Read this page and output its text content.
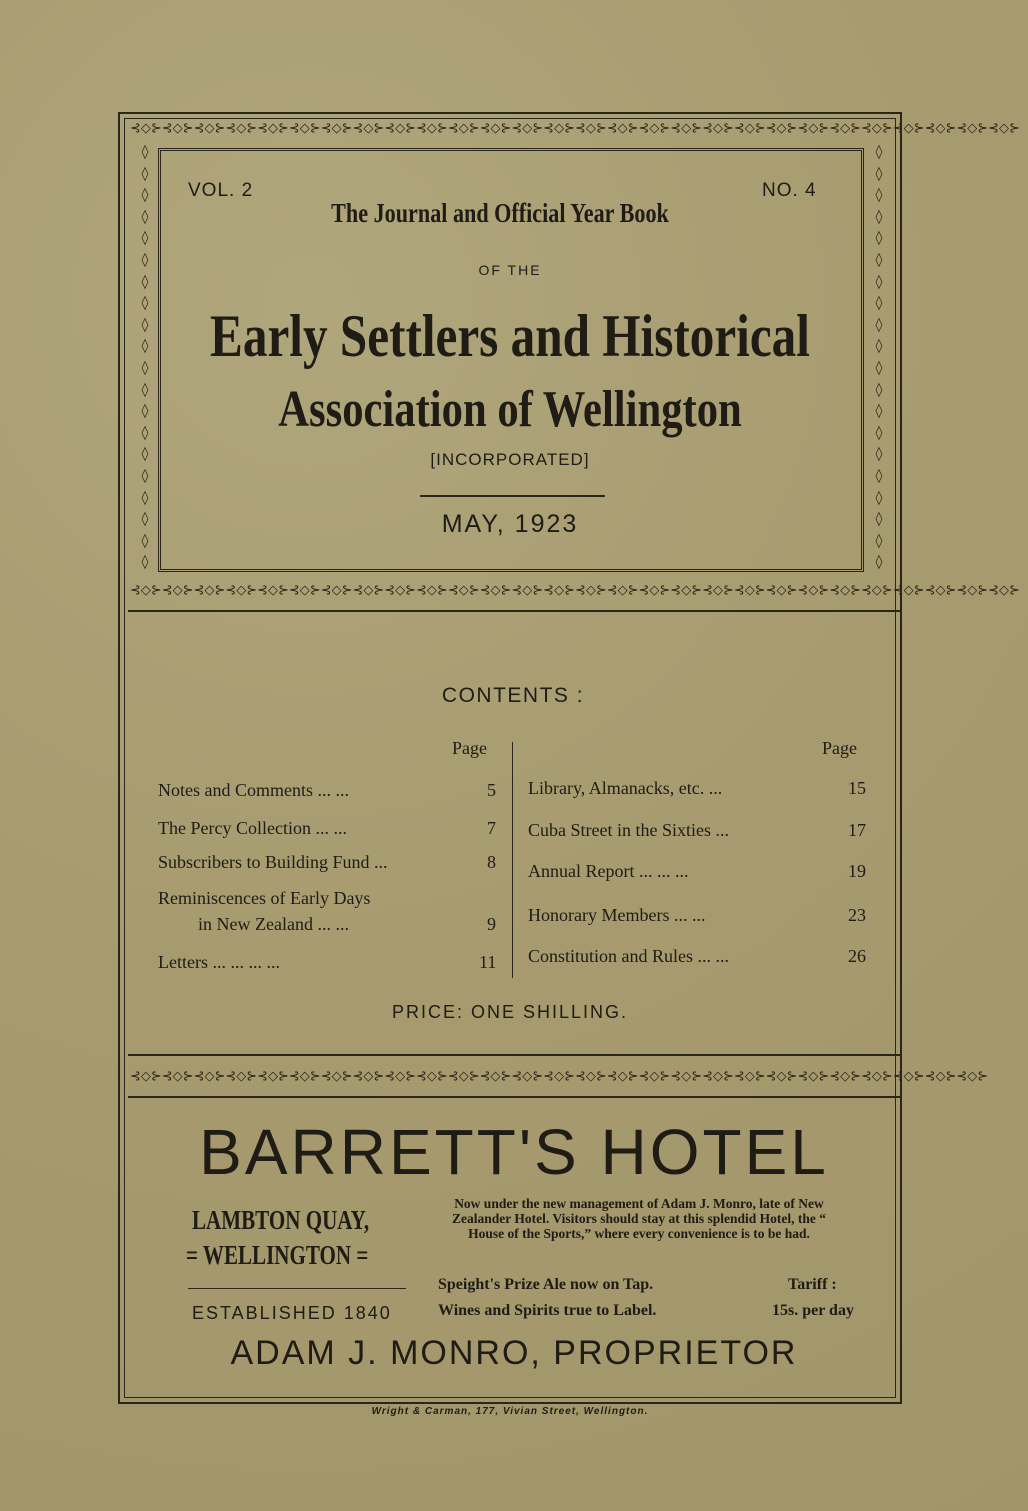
⊰◇⊱⊰◇⊱⊰◇⊱⊰◇⊱⊰◇⊱⊰◇⊱⊰◇⊱⊰◇⊱⊰◇⊱⊰◇⊱⊰◇⊱⊰◇⊱⊰◇⊱⊰◇⊱⊰◇⊱⊰◇⊱⊰◇⊱⊰◇⊱⊰◇⊱⊰◇⊱⊰◇⊱⊰◇⊱⊰◇⊱⊰◇⊱⊰◇⊱⊰◇⊱⊰◇⊱⊰◇⊱
⊰◇⊱⊰◇⊱⊰◇⊱⊰◇⊱⊰◇⊱⊰◇⊱⊰◇⊱⊰◇⊱⊰◇⊱⊰◇⊱⊰◇⊱⊰◇⊱⊰◇⊱⊰◇⊱⊰◇⊱⊰◇⊱⊰◇⊱⊰◇⊱⊰◇⊱⊰◇⊱⊰◇⊱⊰◇⊱⊰◇⊱⊰◇⊱⊰◇⊱⊰◇⊱⊰◇⊱⊰◇⊱
◊
◊
◊
◊
◊
◊
◊
◊
◊
◊
◊
◊
◊
◊
◊
◊
◊
◊
◊
◊
◊
◊
◊
◊
◊
◊
◊
◊
◊
◊
◊
◊
◊
◊
◊
◊
◊
◊
◊
◊
VOL. 2	NO. 4
The Journal and Official Year Book
OF THE
Early Settlers and Historical
Association of Wellington
[INCORPORATED]
MAY, 1923
CONTENTS :
Page	Page
Notes and Comments ... ...	5
The Percy Collection ... ...	7
Subscribers to Building Fund ...	8
Reminiscences of Early Days
in New Zealand ... ...	9
Letters ... ... ... ...	11
Library, Almanacks, etc. ...	15
Cuba Street in the Sixties ...	17
Annual Report ... ... ...	19
Honorary Members ... ...	23
Constitution and Rules ... ...	26
PRICE: ONE SHILLING.
⊰◇⊱⊰◇⊱⊰◇⊱⊰◇⊱⊰◇⊱⊰◇⊱⊰◇⊱⊰◇⊱⊰◇⊱⊰◇⊱⊰◇⊱⊰◇⊱⊰◇⊱⊰◇⊱⊰◇⊱⊰◇⊱⊰◇⊱⊰◇⊱⊰◇⊱⊰◇⊱⊰◇⊱⊰◇⊱⊰◇⊱⊰◇⊱⊰◇⊱⊰◇⊱⊰◇⊱
BARRETT'S HOTEL
LAMBTON QUAY,
= WELLINGTON =
ESTABLISHED 1840
Now under the new management of Adam J. Monro, late of New Zealander Hotel. Visitors should stay at this splendid Hotel, the “ House of the Sports,” where every convenience is to be had.
Speight's Prize Ale now on Tap.	Tariff :
Wines and Spirits true to Label.	15s. per day
ADAM J. MONRO, PROPRIETOR
Wright & Carman, 177, Vivian Street, Wellington.
